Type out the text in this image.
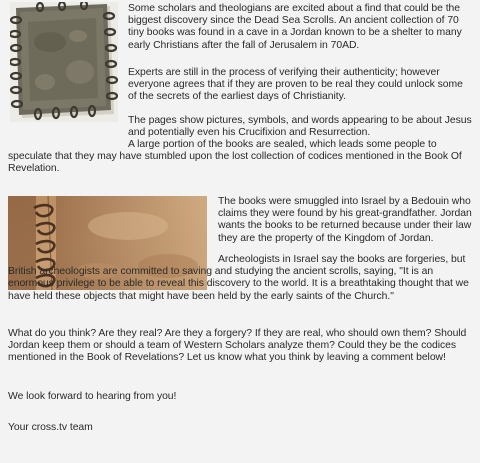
Some scholars and theologians are excited about a find that could be the biggest discovery since the Dead Sea Scrolls. An ancient collection of 70 tiny books was found in a cave in a Jordan known to be a shelter to many early Christians after the fall of Jerusalem in 70AD.

Experts are still in the process of verifying their authenticity; however everyone agrees that if they are proven to be real they could unlock some of the secrets of the earliest days of Christianity.

The pages show pictures, symbols, and words appearing to be about Jesus and potentially even his Crucifixion and Resurrection.

A large portion of the books are sealed, which leads some people to speculate that they may have stumbled upon the lost collection of codices mentioned in the Book Of Revelation.

The books were smuggled into Israel by a Bedouin who claims they were found by his great-grandfather. Jordan wants the books to be returned because under their law they are the property of the Kingdom of Jordan.

Archeologists in Israel say the books are forgeries, but British archeologists are committed to saving and studying the ancient scrolls, saying, "It is an enormous privilege to be able to reveal this discovery to the world. It is a breathtaking thought that we have held these objects that might have been held by the early saints of the Church."

What do you think? Are they real? Are they a forgery? If they are real, who should own them? Should Jordan keep them or should a team of Western Scholars analyze them? Could they be the codices mentioned in the Book of Revelations? Let us know what you think by leaving a comment below!

We look forward to hearing from you!

Your cross.tv team
